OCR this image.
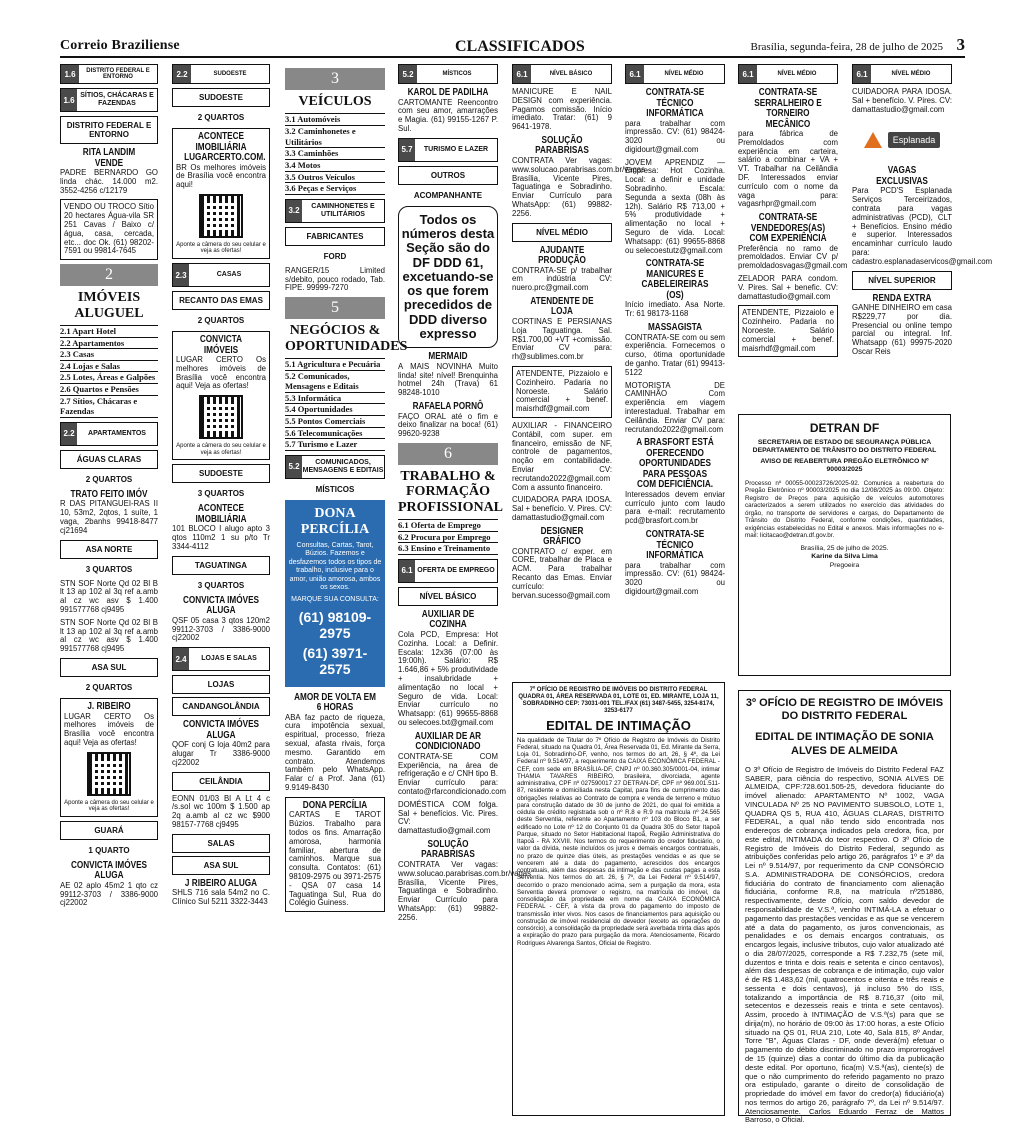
Correio Braziliense	CLASSIFICADOS	Brasília, segunda-feira, 28 de julho de 2025 3
1.6	DISTRITO FEDERAL E ENTORNO
1.6 SÍTIOS, CHÁCARAS E FAZENDAS
DISTRITO FEDERAL E ENTORNO
RITA LANDIM VENDE
PADRE BERNARDO GO linda chác. 14.000 m2. 3552-4256 c/12179
VENDO OU TROCO Sítio 20 hectares Água-vila SR 251 Cavas / Baixo c/água, casa, cercada, etc... doc Ok. (61) 98202-7591 ou 99814-7645
2
IMÓVEIS ALUGUEL
2.1 Apart Hotel
2.2 Apartamentos
2.3 Casas
2.4 Lojas e Salas
2.5 Lotes, Áreas e Galpões
2.6 Quartos e Pensões
2.7 Sítios, Chácaras e Fazendas
2.2	APARTAMENTOS
ÁGUAS CLARAS
2 QUARTOS
TRATO FEITO IMÓV
R DAS PITANGUEI-RAS II 10, 53m2, 2qtos, 1 suíte, 1 vaga, 2banhs 99418-8477 cj21694
ASA NORTE
3 QUARTOS
STN SOF Norte Qd 02 Bl B lt 13 ap 102 al 3q ref a.amb al cz wc asv $ 1.400 991577768 cj9495
STN SOF Norte Qd 02 Bl B lt 13 ap 102 al 3q ref a.amb al cz wc asv $ 1.400 991577768 cj9495
ASA SUL
2 QUARTOS
J. RIBEIRO
LUGAR CERTO Os melhores imóveis de Brasília você encontra aqui! Veja as ofertas!
Aponte a câmera do seu celular e veja as ofertas!
GUARÁ
1 QUARTO
CONVICTA IMÓVES ALUGA
AE 02 aplo 45m2 1 qto cz 99112-3703 / 3386-9000 cj22002
2.2	SUDOESTE
SUDOESTE
2 QUARTOS
ACONTECE IMOBILIÁRIA LUGARCERTO.COM.
BR Os melhores imóveis de Brasília você encontra aqui!
Aponte a câmera do seu celular e veja as ofertas!
2.3	CASAS
RECANTO DAS EMAS
2 QUARTOS
CONVICTA IMÓVEIS
LUGAR CERTO Os melhores imóveis de Brasília você encontra aqui! Veja as ofertas!
Aponte a câmera do seu celular e veja as ofertas!
SUDOESTE
3 QUARTOS
ACONTECE IMOBILIÁRIA
101 BLOCO I alugo apto 3 qtos 110m2 1 su p/to Tr 3344-4112
TAGUATINGA
3 QUARTOS
CONVICTA IMÓVES ALUGA
QSF 05 casa 3 qtos 120m2 99112-3703 / 3386-9000 cj22002
2.4	LOJAS E SALAS
LOJAS
CANDANGOLÂNDIA
CONVICTA IMÓVES ALUGA
QOF conj G loja 40m2 para alugar Tr 3386-9000 cj22002
CEILÂNDIA
EONN 01/03 Bl A Lt 4 c /s.sol wc 100m $ 1.500 ap 2q a.amb al cz wc $900 98157-7768 cj9495
SALAS
ASA SUL
J RIBEIRO ALUGA
SHLS 716 sala 54m2 no C. Clínico Sul 5211 3322-3443
3
VEÍCULOS
3.1 Automóveis
3.2 Caminhonetes e Utilitários
3.3 Caminhões
3.4 Motos
3.5 Outros Veículos
3.6 Peças e Serviços
3.2	CAMINHONETES E UTILITÁRIOS
FABRICANTES
FORD
RANGER/15 Limited s/debito, pouco rodado, Tab. FIPE. 99999-7270
5
NEGÓCIOS & OPORTUNIDADES
5.1 Agricultura e Pecuária
5.2 Comunicados, Mensagens e Editais
5.3 Informática
5.4 Oportunidades
5.5 Pontos Comerciais
5.6 Telecomunicações
5.7 Turismo e Lazer
5.2	COMUNICADOS, MENSAGENS E EDITAIS
MÍSTICOS
DONA PERCÍLIA
Consultas, Cartas, Tarot, Búzios. Fazemos e desfazemos todos os tipos de trabalho, inclusive para o amor, união amorosa, ambos os sexos.
MARQUE SUA CONSULTA:
(61) 98109-2975
(61) 3971-2575
AMOR DE VOLTA EM 6 HORAS
ABA faz pacto de riqueza, cura impotência sexual, espiritual, processo, frieza sexual, afasta rivais, força mesmo. Garantido em contrato. Atendemos também pelo WhatsApp. Falar c/ a Prof. Jana (61) 9.9149-8430
DONA PERCÍLIA
CARTAS E TAROT Búzios. Trabalho para todos os fins. Amarração amorosa, harmonia familiar, abertura de caminhos. Marque sua consulta. Contatos: (61) 98109-2975 ou 3971-2575 - QSA 07 casa 14 Taguatinga Sul, Rua do Colégio Guiness.
5.2	MÍSTICOS
KAROL DE PADILHA
CARTOMANTE Reencontro com seu amor, amarrações e Magia. (61) 99155-1267 P. Sul.
5.7	TURISMO E LAZER
OUTROS
ACOMPANHANTE
Todos os números desta Seção são do DF DDD 61, excetuando-se os que forem precedidos de DDD diverso expresso
MERMAID
A MAIS NOVINHA Muito linda! site! nível! Brenquinha hotmel 24h (Trava) 61 98248-1010
RAFAELA PORNÔ
FAÇO ORAL até o fim e deixo finalizar na boca! (61) 99620-9238
6
TRABALHO & FORMAÇÃO PROFISSIONAL
6.1 Oferta de Emprego
6.2 Procura por Emprego
6.3 Ensino e Treinamento
6.1 OFERTA DE EMPREGO
NÍVEL BÁSICO
AUXILIAR DE COZINHA
Cola PCD, Empresa: Hot Cozinha. Local: a Definir. Escala: 12x36 (07:00 às 19:00h). Salário: R$ 1.646,86 + 5% produtividade + insalubridade + alimentação no local + Seguro de vida. Local: Enviar currículo no Whatsapp: (61) 99655-8868 ou selecoes.txt@gmail.com
AUXILIAR DE AR CONDICIONADO
CONTRATA-SE COM Experiência, na área de refrigeração e c/ CNH tipo B. Enviar currículo para: contato@rfarcondicionado.com
DOMÉSTICA COM folga. Sal + benefícios. Vic. Pires. CV: damattastudio@gmail.com
SOLUÇÃO PARABRISAS
CONTRATA Ver vagas: www.solucao.parabrisas.com.br/vagas Brasília, Vicente Pires, Taguatinga e Sobradinho. Enviar Currículo para WhatsApp: (61) 99882-2256.
6.1	NÍVEL BÁSICO
MANICURE E NAIL DESIGN com experiência. Pagamos comissão. Início imediato. Tratar: (61) 9 9641-1978.
SOLUÇÃO PARABRISAS
CONTRATA Ver vagas: www.solucao.parabrisas.com.br/vagas Brasília, Vicente Pires, Taguatinga e Sobradinho. Enviar Currículo para WhatsApp: (61) 99882-2256.
NÍVEL MÉDIO
AJUDANTE PRODUÇÃO
CONTRATA-SE p/ trabalhar em indústria CV: nuero.prc@gmail.com
ATENDENTE DE LOJA
CORTINAS E PERSIANAS Loja Taguatinga. Sal. R$1.700,00 +VT +comissão. Enviar CV para: rh@sublimes.com.br
ATENDENTE, Pizzaiolo e Cozinheiro. Padaria no Noroeste. Salário comercial + benef. maisrhdf@gmail.com
AUXILIAR - FINANCEIRO Contábil, com super. em financeiro, emissão de NF, controle de pagamentos, noção em contabilidade. Enviar CV: recrutando2022@gmail.com Com a assunto financeiro.
CUIDADORA PARA IDOSA. Sal + benefício. V. Pires. CV: damattastudio@gmail.com
DESIGNER GRÁFICO
CONTRATO c/ exper. em CORE, trabalhar de Placa e ACM. Para trabalhar Recanto das Emas. Enviar currículo: bervan.sucesso@gmail.com
7º OFÍCIO DE REGISTRO DE IMÓVEIS DO DISTRITO FEDERAL QUADRA 01, ÁREA RESERVADA 01, LOTE 01, ED. MIRANTE, LOJA 11, SOBRADINHO CEP: 73031-001 TEL./FAX (61) 3487-5455, 3254-8174, 3253-6177
EDITAL DE INTIMAÇÃO
Na qualidade de Titular do 7º Ofício de Registro de Imóveis do Distrito Federal, situado na Quadra 01, Área Reservada 01, Ed. Mirante da Serra, Loja 01, Sobradinho-DF, venho, nos termos do art. 26, § 4º, da Lei Federal nº 9.514/97, a requerimento da CAIXA ECONÔMICA FEDERAL - CEF, com sede em BRASÍLIA-DF, CNPJ nº 00.360.305/0001-04, intimar THAMIA TAVARES RIBEIRO, brasileira, divorciada, agente administrativa, CPF nº 027590017 27 DETRAN-DF, CPF nº 969.001.511-87, residente e domiciliada nesta Capital, para fins de cumprimento das obrigações relativas ao Contrato de compra e venda de terreno e mútuo para construção datado de 30 de junho de 2021, do qual foi emitida a cédula de crédito registrada sob o nº R.8 e R.9 na matrícula nº 24.565 deste Serventia, referente ao Apartamento nº 103 do Bloco B1, a ser edificado no Lote nº 12 do Conjunto 01 da Quadra 305 do Setor Itapoã Parque, situado no Setor Habitacional Itapoã, Região Administrativa do Itapoã - RA XXVIII. Nos termos do requerimento do credor fiduciário, o valor da dívida, neste incluídos os juros e demais encargos contratuais, no prazo de quinze dias úteis, as prestações vencidas e as que se vencerem até a data do pagamento, acrescidos dos encargos contratuais, além das despesas da intimação e das custas pagas a esta Serventia. Nos termos do art. 26, § 7º, da Lei Federal nº 9.514/97, decorrido o prazo mencionado acima, sem a purgação da mora, esta Serventia deverá promover o registro, na matrícula do imóvel, da consolidação da propriedade em nome da CAIXA ECONÔMICA FEDERAL - CEF, à vista da prova do pagamento do imposto de transmissão inter vivos. Nos casos de financiamentos para aquisição ou construção de imóvel residencial do devedor (exceto as operações do consórcio), a consolidação da propriedade será averbada trinta dias após a expiração do prazo para purgação da mora. Atenciosamente, Ricardo Rodrigues Alvarenga Santos, Oficial de Registro.
6.1	NÍVEL MÉDIO
CONTRATA-SE TÉCNICO INFORMÁTICA
para trabalhar com impressão. CV: (61) 98424-3020 ou digidourt@gmail.com
JOVEM APRENDIZ — Empresa: Hot Cozinha. Local: a definir e unidade Sobradinho. Escala: Segunda a sexta (08h às 12h). Salário R$ 713,00 + 5% produtividade + alimentação no local + Seguro de vida. Local: Whatsapp: (61) 99655-8868 ou selecoestutz@gmail.com
CONTRATA-SE MANICURES E CABELEIREIRAS (OS)
Início imediato. Asa Norte. Tr: 61 98173-1168
MASSAGISTA
CONTRATA-SE com ou sem experiência. Fornecemos o curso, ótima oportunidade de ganho. Tratar (61) 99413-5122
MOTORISTA DE CAMINHÃO Com experiência em viagem interestadual. Trabalhar em Ceilândia. Enviar CV para: recrutando2022@gmail.com
A BRASFORT ESTÁ OFERECENDO OPORTUNIDADES PARA PESSOAS COM DEFICIÊNCIA.
Interessados devem enviar currículo junto com laudo para e-mail: recrutamento pcd@brasfort.com.br
CONTRATA-SE TÉCNICO INFORMÁTICA
para trabalhar com impressão. CV: (61) 98424-3020 ou digidourt@gmail.com
6.1	NÍVEL MÉDIO
CONTRATA-SE SERRALHEIRO E TORNEIRO MECÂNICO
para fábrica de Premoldados com experiência em carteira, salário a combinar + VA + VT. Trabalhar na Ceilândia DF. Interessados enviar currículo com o nome da vaga para: vagasrhpr@gmail.com
CONTRATA-SE VENDEDORES(AS) COM EXPERIÊNCIA
Preferência no ramo de premoldados. Enviar CV p/ premoldadosvagas@gmail.com
ZELADOR PARA condom. V. Pires. Sal + benefic. CV: damattastudio@gmail.com
ATENDENTE, Pizzaiolo e Cozinheiro. Padaria no Noroeste. Salário comercial + benef. maisrhdf@gmail.com
6.1	NÍVEL MÉDIO
CUIDADORA PARA IDOSA. Sal + benefício. V. Pires. CV: damattastudio@gmail.com
Esplanada
VAGAS EXCLUSIVAS
Para PCD'S Esplanada Serviços Terceirizados, contrata para vagas administrativas (PCD), CLT + Benefícios. Ensino médio e superior. Interessados encaminhar currículo laudo para: cadastro.esplanadaservicos@gmail.com
NÍVEL SUPERIOR
RENDA EXTRA
GANHE DINHEIRO em casa R$229,77 por dia. Presencial ou online tempo parcial ou integral. Inf. Whatsapp (61) 99975-2020 Oscar Reis
DETRAN DF
SECRETARIA DE ESTADO DE SEGURANÇA PÚBLICA DEPARTAMENTO DE TRÂNSITO DO DISTRITO FEDERAL
AVISO DE REABERTURA PREGÃO ELETRÔNICO Nº 90003/2025
Processo nº 00055-00023726/2025-92. Comunica a reabertura do Pregão Eletrônico nº 90003/2025 no dia 12/08/2025 às 09:00. Objeto: Registro de Preços para aquisição de veículos automotores caracterizados a serem utilizados no exercício das atividades do órgão, no transporte de servidores e cargas, do Departamento de Trânsito do Distrito Federal, conforme condições, quantidades, exigências estabelecidas no Edital e anexos. Mais informações no e-mail: licitacao@detran.df.gov.br.
Brasília, 25 de julho de 2025.
Karine da Silva Lima
Pregoeira
3º OFÍCIO DE REGISTRO DE IMÓVEIS DO DISTRITO FEDERAL
EDITAL DE INTIMAÇÃO DE SONIA ALVES DE ALMEIDA
O 3º Ofício de Registro de Imóveis do Distrito Federal FAZ SABER, para ciência do respectivo, SONIA ALVES DE ALMEIDA, CPF:728.601.505-25, devedora fiduciante do imóvel alienado: APARTAMENTO Nº 1002, VAGA VINCULADA Nº 25 NO PAVIMENTO SUBSOLO, LOTE 1, QUADRA QS 5, RUA 410, ÁGUAS CLARAS, DISTRITO FEDERAL, a qual não tendo sido encontrada nos endereços de cobrança indicados pela credora, fica, por este edital, INTIMADA do teor respectivo. O 3º Ofício de Registro de Imóveis do Distrito Federal, segundo as atribuições conferidas pelo artigo 26, parágrafos 1º e 3º da Lei nº 9.514/97, por requerimento da CNP CONSÓRCIO S.A. ADMINISTRADORA DE CONSÓRCIOS, credora fiduciária do contrato de financiamento com alienação fiduciária, conforme R.8, na matrícula nº251886, respectivamente, deste Ofício, com saldo devedor de responsabilidade de V.S.ª, venho INTIMÁ-LA a efetuar o pagamento das prestações vencidas e as que se vencerem até a data do pagamento, os juros convencionais, as penalidades e os demais encargos contratuais, os encargos legais, inclusive tributos, cujo valor atualizado até o dia 28/07/2025, corresponde a R$ 7.232,75 (sete mil, duzentos e trinta e dois reais e setenta e cinco centavos), além das despesas de cobrança e de intimação, cujo valor é de R$ 1.483,62 (mil, quatrocentos e oitenta e três reais e sessenta e dois centavos), já incluso 5% do ISS, totalizando a importância de R$ 8.716,37 (oito mil, setecentos e dezesseis reais e trinta e sete centavos). Assim, procedo à INTIMAÇÃO de V.S.ª(s) para que se dirija(m), no horário de 09:00 às 17:00 horas, a este Ofício situado na QS 01, RUA 210, Lote 40, Sala 815, 8º Andar, Torre "B", Águas Claras - DF, onde deverá(m) efetuar o pagamento do débito discriminado no prazo improrrogável de 15 (quinze) dias a contar do último dia da publicação deste edital. Por oportuno, fica(m) V.S.ª(as), ciente(s) de que o não cumprimento do referido pagamento no prazo ora estipulado, garante o direito de consolidação de propriedade do imóvel em favor do credor(a) fiduciário(a) nos termos do artigo 26, parágrafo 7º, da Lei nº 9.514/97. Atenciosamente. Carlos Eduardo Ferraz de Mattos Barroso, o Oficial.
